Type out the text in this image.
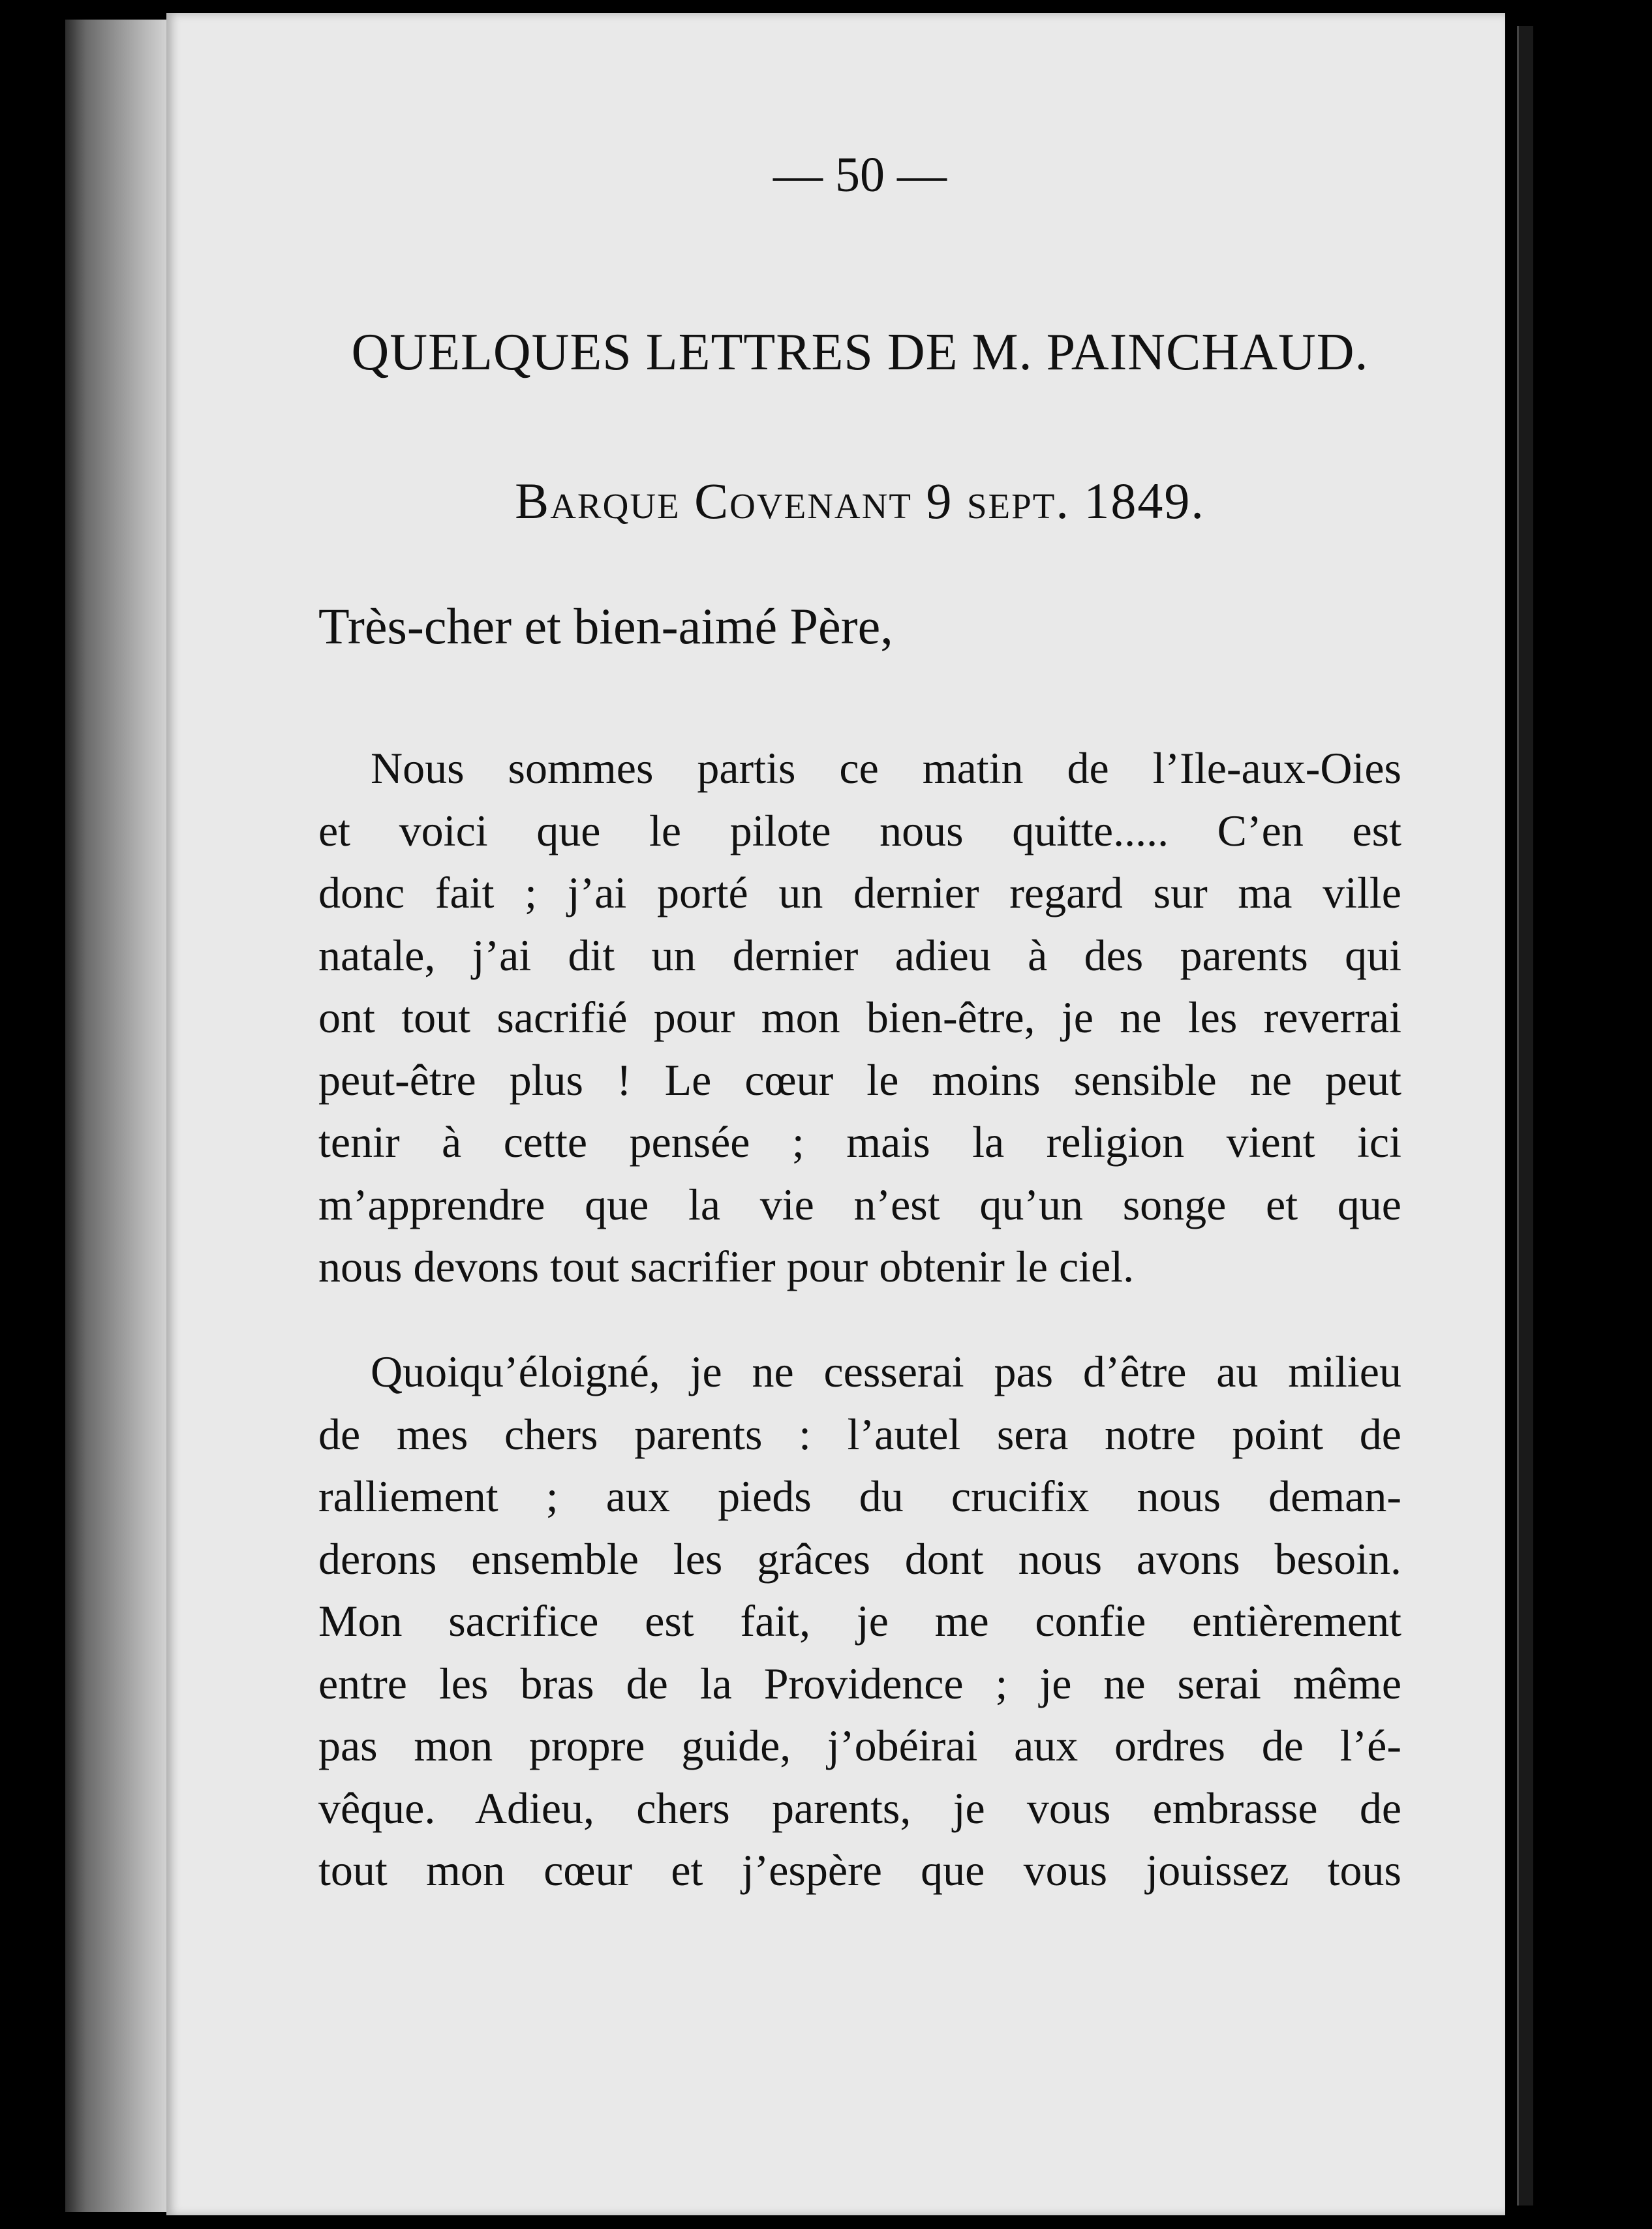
— 50 —
QUELQUES LETTRES DE M. PAINCHAUD.
Barque Covenant 9 sept. 1849.
Très-cher et bien-aimé Père,
Nous sommes partis ce matin de l’Ile-aux-Oies
et voici que le pilote nous quitte..... C’en est
donc fait ; j’ai porté un dernier regard sur ma ville
natale, j’ai dit un dernier adieu à des parents qui
ont tout sacrifié pour mon bien-être, je ne les reverrai
peut-être plus ! Le cœur le moins sensible ne peut
tenir à cette pensée ; mais la religion vient ici
m’apprendre que la vie n’est qu’un songe et que
nous devons tout sacrifier pour obtenir le ciel.
Quoiqu’éloigné, je ne cesserai pas d’être au milieu
de mes chers parents : l’autel sera notre point de
ralliement ; aux pieds du crucifix nous deman-
derons ensemble les grâces dont nous avons besoin.
Mon sacrifice est fait, je me confie entièrement
entre les bras de la Providence ; je ne serai même
pas mon propre guide, j’obéirai aux ordres de l’é-
vêque. Adieu, chers parents, je vous embrasse de
tout mon cœur et j’espère que vous jouissez tous
